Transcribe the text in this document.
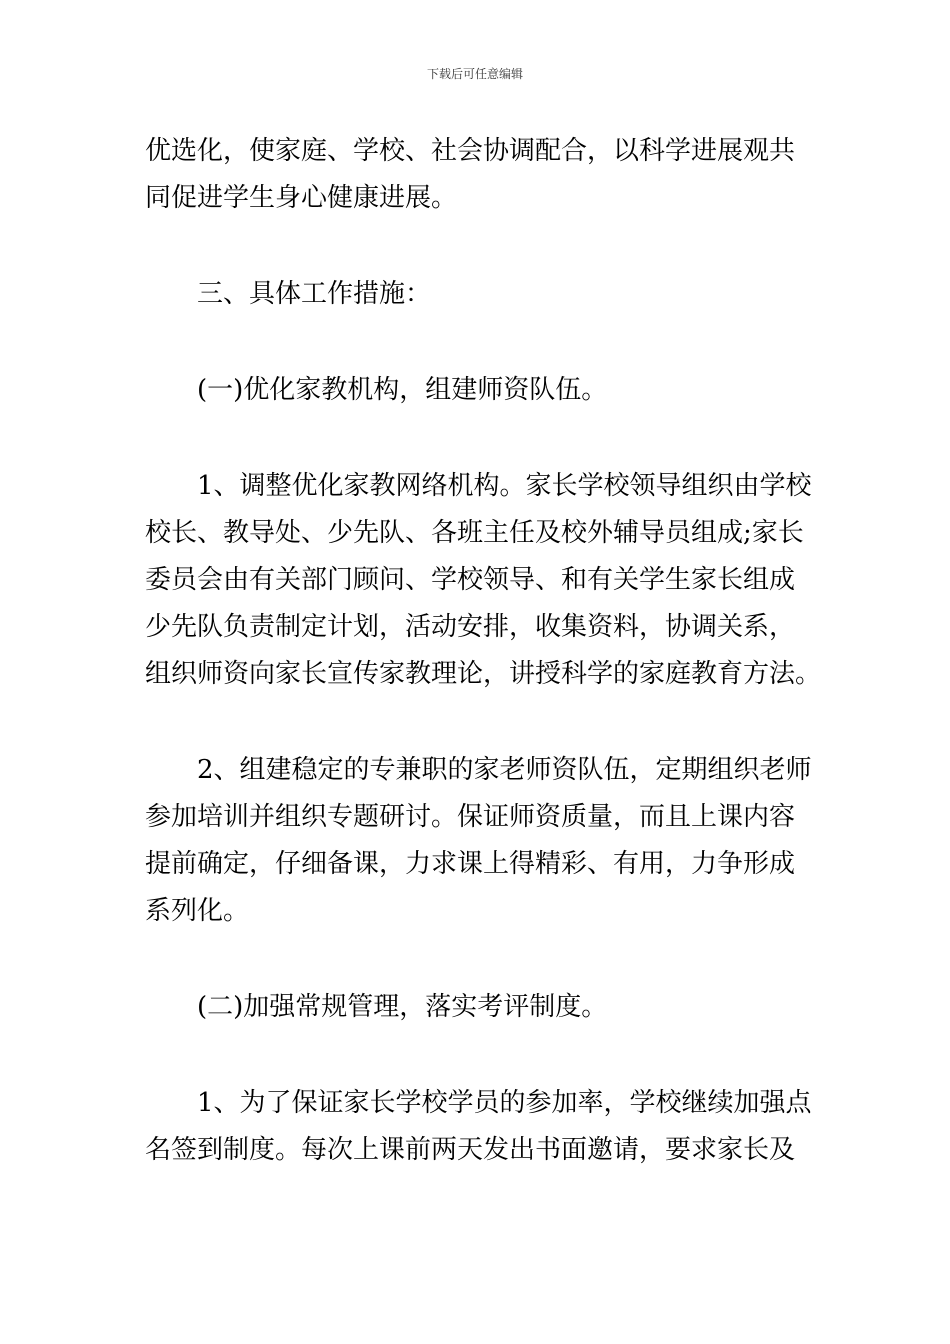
下载后可任意编辑

优选化，使家庭、学校、社会协调配合，以科学进展观共
同促进学生身心健康进展。

　　三、具体工作措施：

　　(一)优化家教机构，组建师资队伍。

　　1、调整优化家教网络机构。家长学校领导组织由学校
校长、教导处、少先队、各班主任及校外辅导员组成;家长
委员会由有关部门顾问、学校领导、和有关学生家长组成
少先队负责制定计划，活动安排，收集资料，协调关系，
组织师资向家长宣传家教理论，讲授科学的家庭教育方法。

　　2、组建稳定的专兼职的家老师资队伍，定期组织老师
参加培训并组织专题研讨。保证师资质量，而且上课内容
提前确定，仔细备课，力求课上得精彩、有用，力争形成
系列化。

　　(二)加强常规管理，落实考评制度。

　　1、为了保证家长学校学员的参加率，学校继续加强点
名签到制度。每次上课前两天发出书面邀请，要求家长及
